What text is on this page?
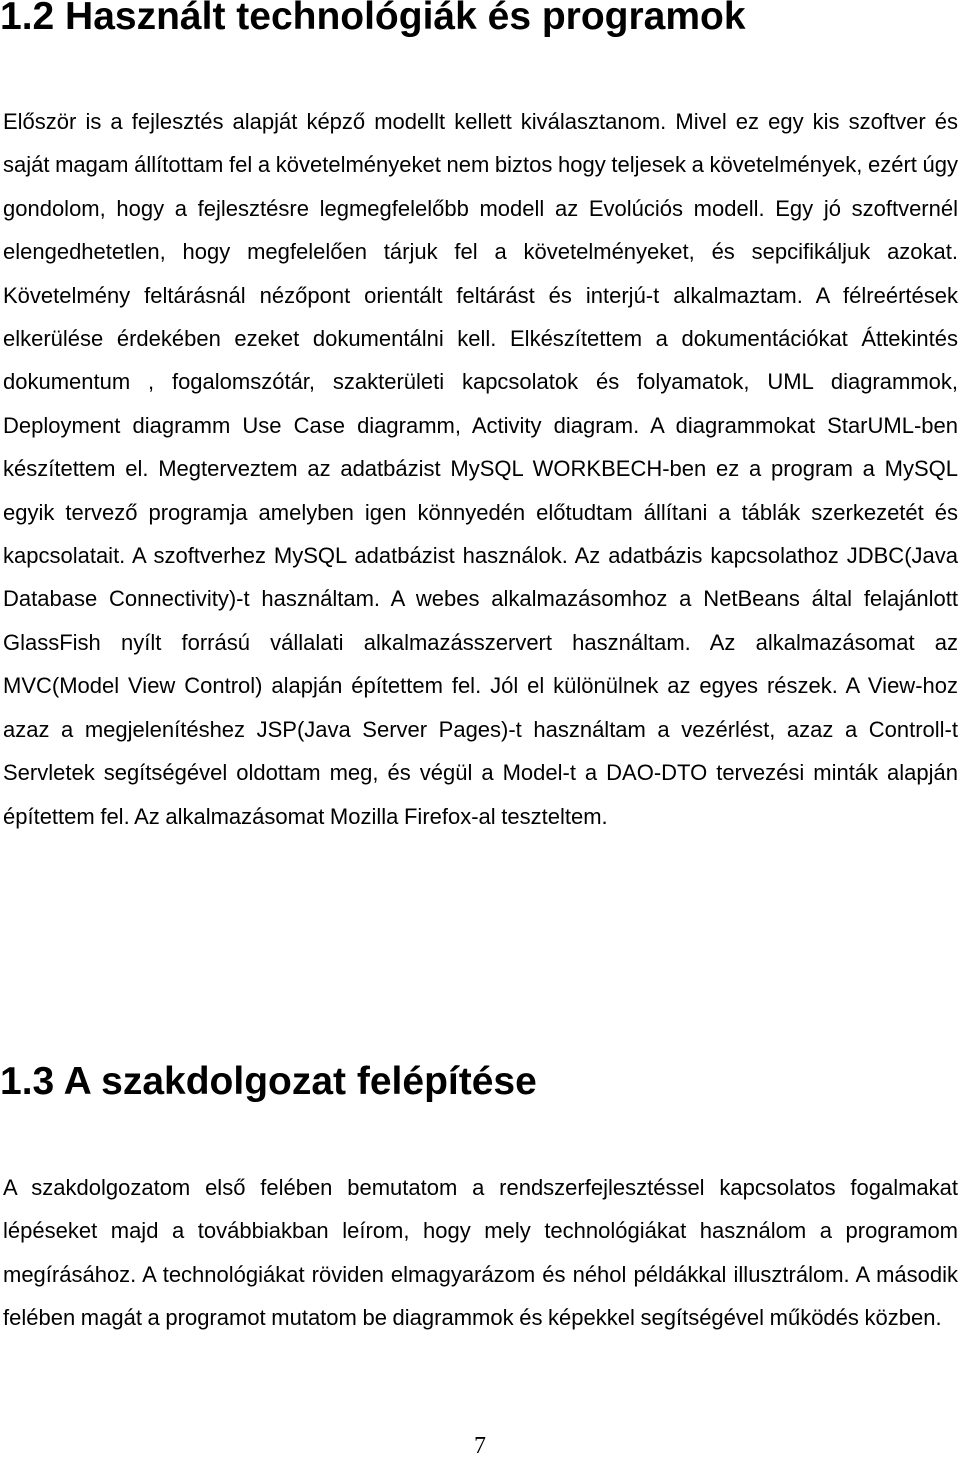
1.2 Használt technológiák és programok

Először is a fejlesztés alapját képző modellt kellett kiválasztanom. Mivel ez egy kis szoftver és saját magam állítottam fel a követelményeket nem biztos hogy teljesek a követelmények, ezért úgy gondolom, hogy a fejlesztésre legmegfelelőbb modell az Evolúciós modell. Egy jó szoftvernél elengedhetetlen, hogy megfelelően tárjuk fel a követelményeket, és sepcifikáljuk azokat. Követelmény feltárásnál nézőpont orientált feltárást és interjú-t alkalmaztam. A félreértések elkerülése érdekében ezeket dokumentálni kell. Elkészítettem a dokumentációkat Áttekintés dokumentum , fogalomszótár, szakterületi kapcsolatok és folyamatok, UML diagrammok, Deployment diagramm Use Case diagramm, Activity diagram. A diagrammokat StarUML-ben készítettem el. Megterveztem az adatbázist MySQL WORKBECH-ben ez a program a MySQL egyik tervező programja amelyben igen könnyedén előtudtam állítani a táblák szerkezetét és kapcsolatait. A szoftverhez MySQL adatbázist használok. Az adatbázis kapcsolathoz JDBC(Java Database Connectivity)-t használtam. A webes alkalmazásomhoz a NetBeans által felajánlott GlassFish nyílt forrású vállalati alkalmazásszervert használtam. Az alkalmazásomat az MVC(Model View Control) alapján építettem fel. Jól el különülnek az egyes részek. A View-hoz azaz a megjelenítéshez JSP(Java Server Pages)-t használtam a vezérlést, azaz a Controll-t Servletek segítségével oldottam meg, és végül a Model-t a DAO-DTO tervezési minták alapján építettem fel. Az alkalmazásomat Mozilla Firefox-al teszteltem.

1.3 A szakdolgozat felépítése

A szakdolgozatom első felében bemutatom a rendszerfejlesztéssel kapcsolatos fogalmakat lépéseket majd a továbbiakban leírom, hogy mely technológiákat használom a programom megírásához. A technológiákat röviden elmagyarázom és néhol példákkal illusztrálom. A második felében magát a programot mutatom be diagrammok és képekkel segítségével működés közben.

7
